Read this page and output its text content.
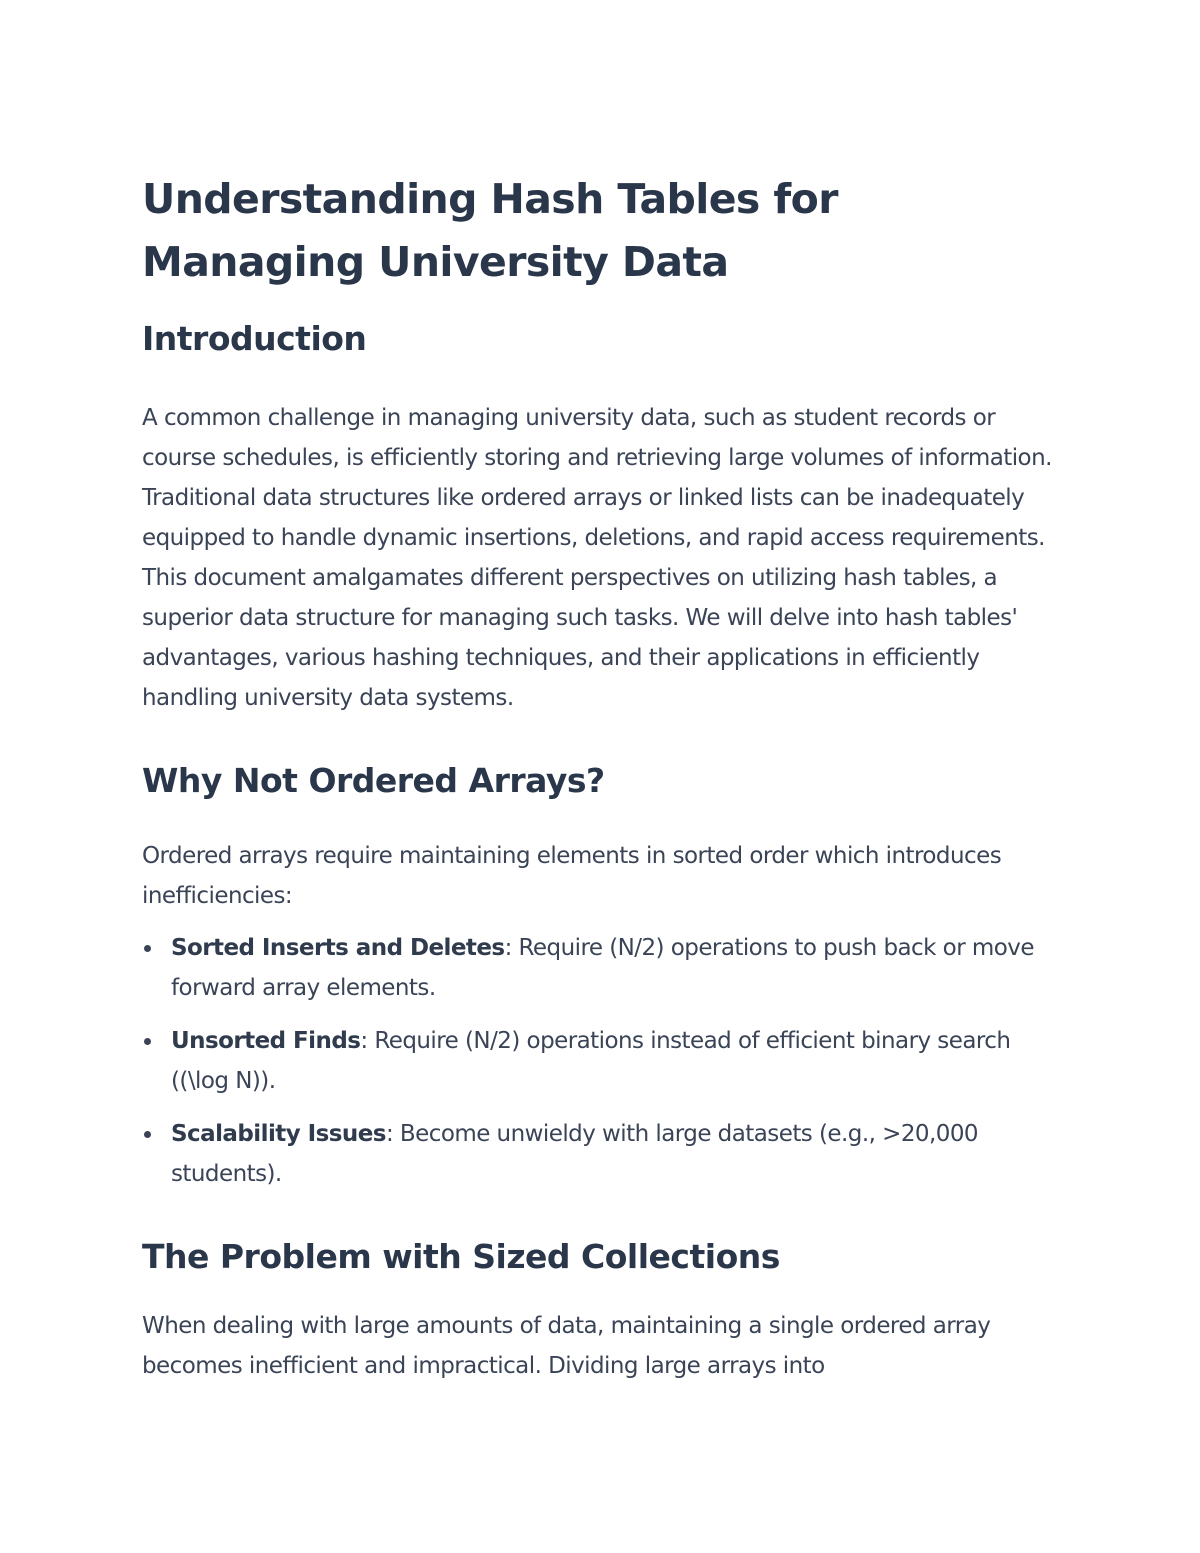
Understanding Hash Tables for Managing University Data
Introduction

A common challenge in managing university data, such as student records or course schedules, is efficiently storing and retrieving large volumes of information. Traditional data structures like ordered arrays or linked lists can be inadequately equipped to handle dynamic insertions, deletions, and rapid access requirements. This document amalgamates different perspectives on utilizing hash tables, a superior data structure for managing such tasks. We will delve into hash tables' advantages, various hashing techniques, and their applications in efficiently handling university data systems.

Why Not Ordered Arrays?

Ordered arrays require maintaining elements in sorted order which introduces inefficiencies:

Sorted Inserts and Deletes: Require (N/2) operations to push back or move forward array elements.
Unsorted Finds: Require (N/2) operations instead of efficient binary search ((\log N)).
Scalability Issues: Become unwieldy with large datasets (e.g., >20,000 students).
The Problem with Sized Collections

When dealing with large amounts of data, maintaining a single ordered array becomes inefficient and impractical. Dividing large arrays into
